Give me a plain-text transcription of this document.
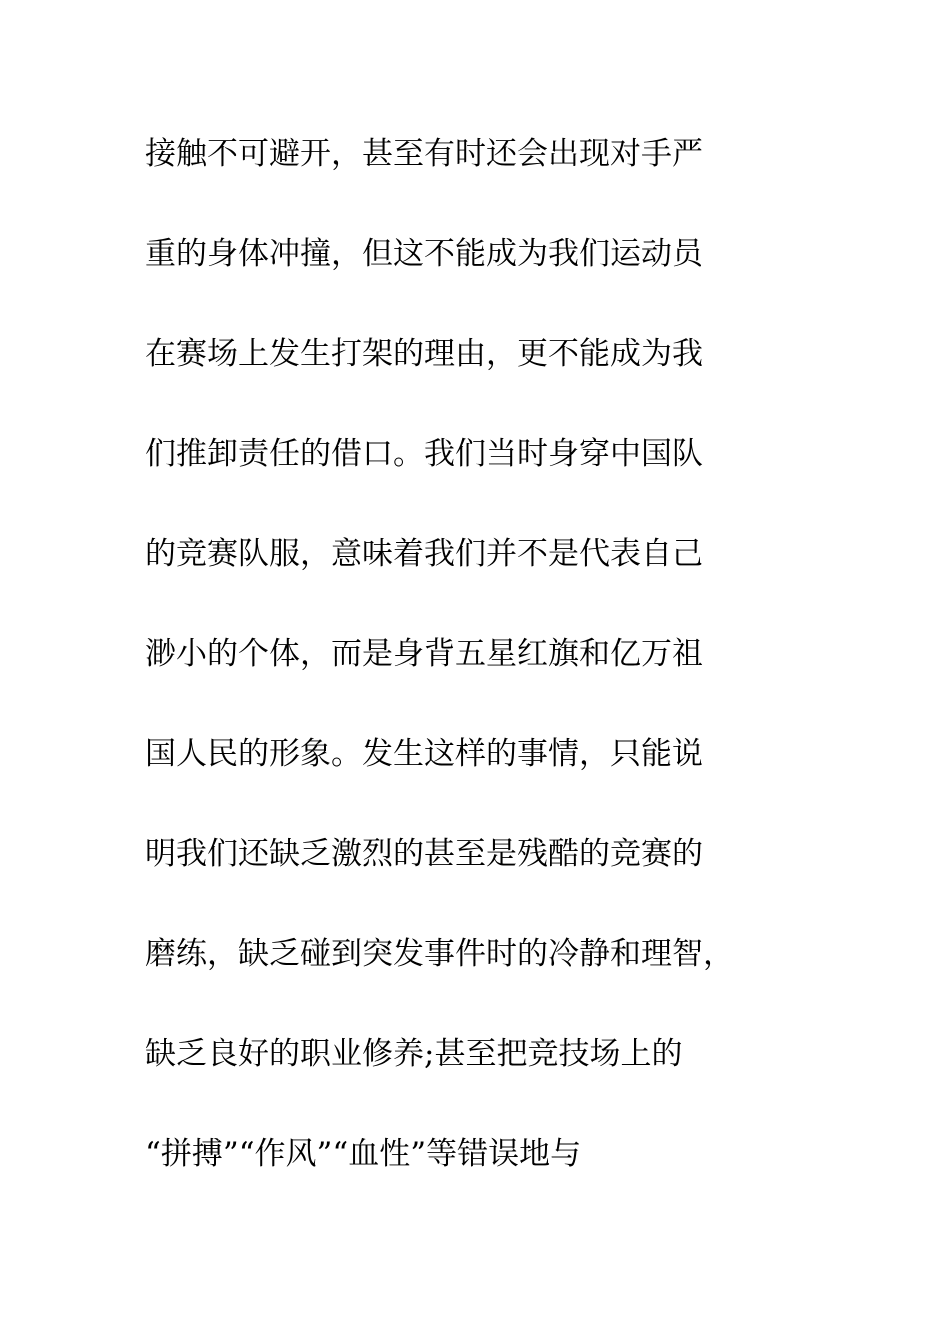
接触不可避开，甚至有时还会出现对手严
重的身体冲撞，但这不能成为我们运动员
在赛场上发生打架的理由，更不能成为我
们推卸责任的借口。我们当时身穿中国队
的竞赛队服，意味着我们并不是代表自己
渺小的个体，而是身背五星红旗和亿万祖
国人民的形象。发生这样的事情，只能说
明我们还缺乏激烈的甚至是残酷的竞赛的
磨练，缺乏碰到突发事件时的冷静和理智，
缺乏良好的职业修养;甚至把竞技场上的
“拼搏”“作风”“血性”等错误地与
